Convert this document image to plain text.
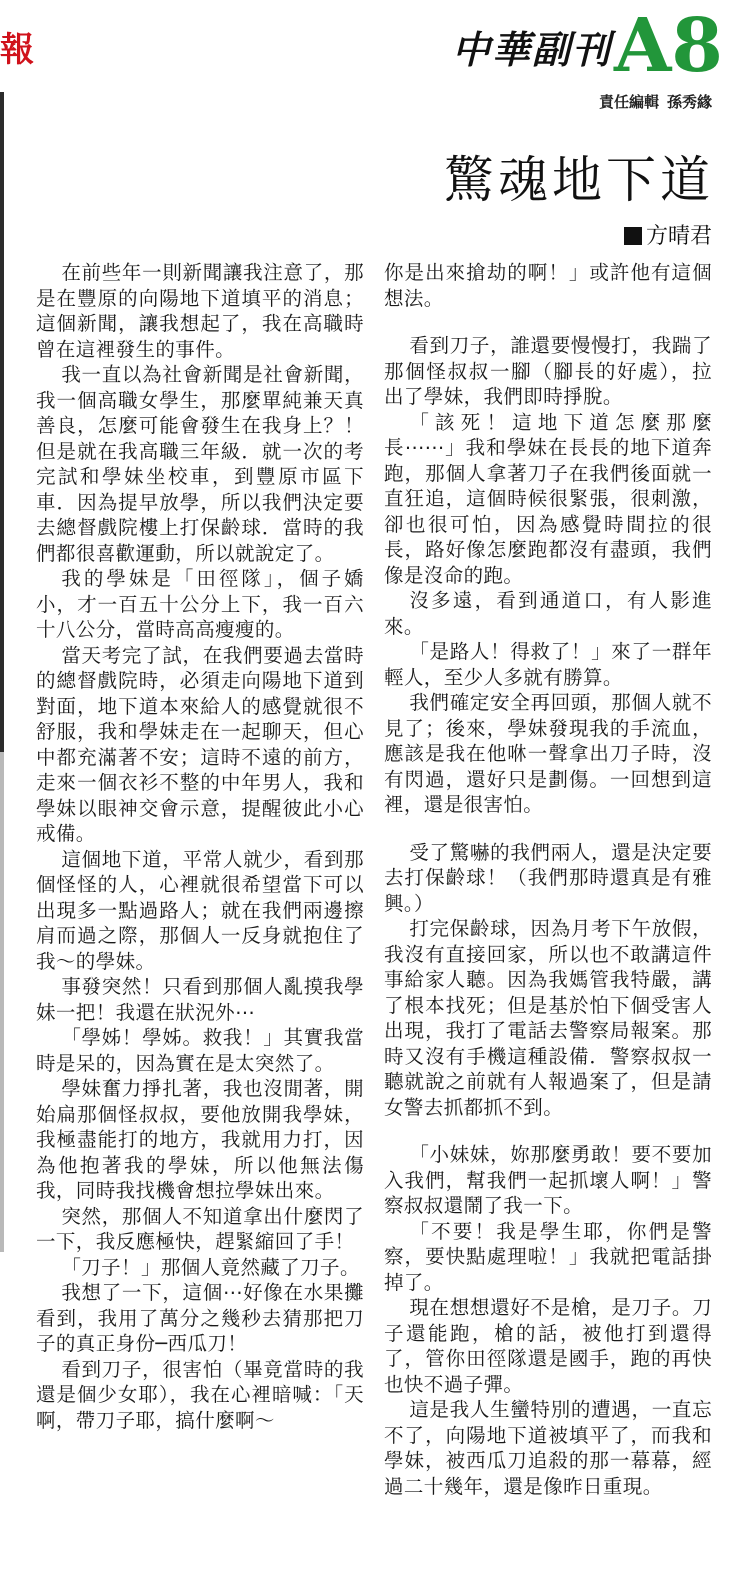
報	中華副刊 A8
責任編輯 孫秀緣
驚魂地下道
方晴君

在前些年一則新聞讓我注意了，那是在豐原的向陽地下道填平的消息；這個新聞，讓我想起了，我在高職時曾在這裡發生的事件。

我一直以為社會新聞是社會新聞，我一個高職女學生，那麼單純兼天真善良，怎麼可能會發生在我身上？！但是就在我高職三年級．就一次的考完試和學妹坐校車，到豐原市區下車．因為提早放學，所以我們決定要去總督戲院樓上打保齡球．當時的我們都很喜歡運動，所以就說定了。

我的學妹是「田徑隊」，個子嬌小，才一百五十公分上下，我一百六十八公分，當時高高瘦瘦的。

當天考完了試，在我們要過去當時的總督戲院時，必須走向陽地下道到對面，地下道本來給人的感覺就很不舒服，我和學妹走在一起聊天，但心中都充滿著不安；這時不遠的前方，走來一個衣衫不整的中年男人，我和學妹以眼神交會示意，提醒彼此小心戒備。

這個地下道，平常人就少，看到那個怪怪的人，心裡就很希望當下可以出現多一點過路人；就在我們兩邊擦肩而過之際，那個人一反身就抱住了我～的學妹。

事發突然！只看到那個人亂摸我學妹一把！我還在狀況外⋯

「學姊！學姊。救我！」其實我當時是呆的，因為實在是太突然了。

學妹奮力掙扎著，我也沒閒著，開始扁那個怪叔叔，要他放開我學妹，我極盡能打的地方，我就用力打，因為他抱著我的學妹，所以他無法傷我，同時我找機會想拉學妹出來。

突然，那個人不知道拿出什麼閃了一下，我反應極快，趕緊縮回了手！

「刀子！」那個人竟然藏了刀子。

我想了一下，這個⋯好像在水果攤看到，我用了萬分之幾秒去猜那把刀子的真正身份─西瓜刀！

看到刀子，很害怕（畢竟當時的我還是個少女耶），我在心裡暗喊：「天啊，帶刀子耶，搞什麼啊～

你是出來搶劫的啊！」或許他有這個想法。

看到刀子，誰還要慢慢打，我踹了那個怪叔叔一腳（腳長的好處），拉出了學妹，我們即時掙脫。

「該死！這地下道怎麼那麼長⋯⋯」我和學妹在長長的地下道奔跑，那個人拿著刀子在我們後面就一直狂追，這個時候很緊張，很刺激，卻也很可怕，因為感覺時間拉的很長，路好像怎麼跑都沒有盡頭，我們像是沒命的跑。

沒多遠，看到通道口，有人影進來。

「是路人！得救了！」來了一群年輕人，至少人多就有勝算。

我們確定安全再回頭，那個人就不見了；後來，學妹發現我的手流血，應該是我在他咻一聲拿出刀子時，沒有閃過，還好只是劃傷。一回想到這裡，還是很害怕。

受了驚嚇的我們兩人，還是決定要去打保齡球！（我們那時還真是有雅興。）

打完保齡球，因為月考下午放假，我沒有直接回家，所以也不敢講這件事給家人聽。因為我媽管我特嚴，講了根本找死；但是基於怕下個受害人出現，我打了電話去警察局報案。那時又沒有手機這種設備．警察叔叔一聽就說之前就有人報過案了，但是請女警去抓都抓不到。

「小妹妹，妳那麼勇敢！要不要加入我們，幫我們一起抓壞人啊！」警察叔叔還鬧了我一下。

「不要！我是學生耶，你們是警察，要快點處理啦！」我就把電話掛掉了。

現在想想還好不是槍，是刀子。刀子還能跑，槍的話，被他打到還得了，管你田徑隊還是國手，跑的再快也快不過子彈。

這是我人生蠻特別的遭遇，一直忘不了，向陽地下道被填平了，而我和學妹，被西瓜刀追殺的那一幕幕，經過二十幾年，還是像昨日重現。
